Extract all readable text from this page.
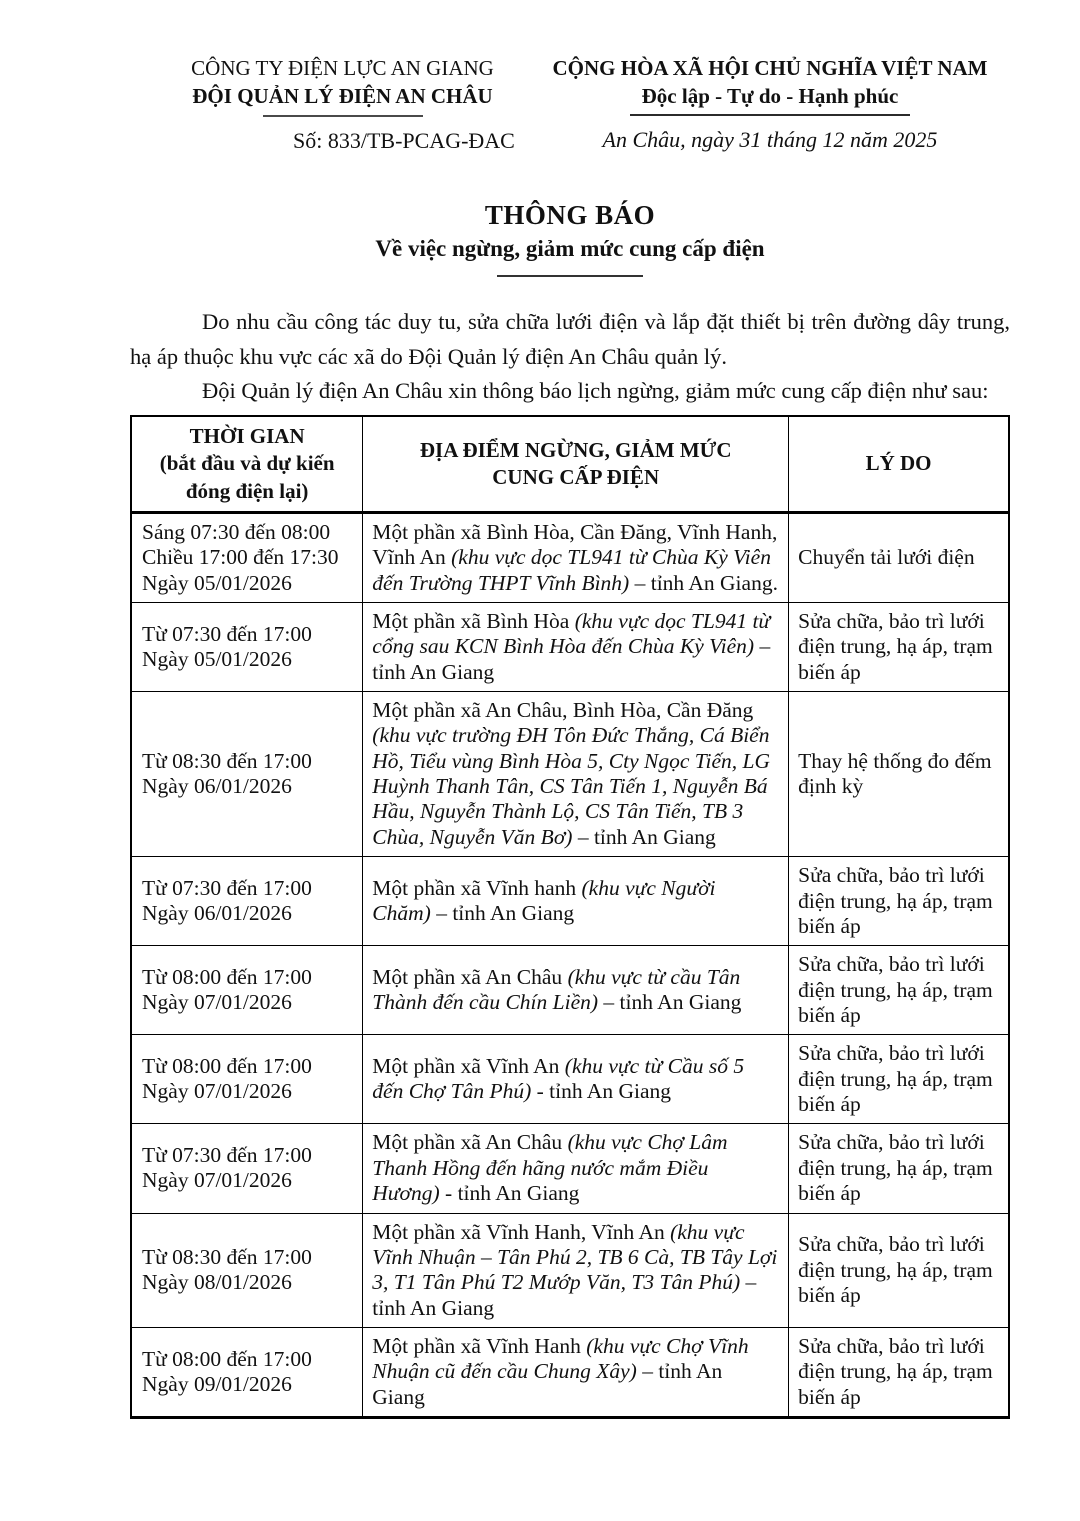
CÔNG TY ĐIỆN LỰC AN GIANG
ĐỘI QUẢN LÝ ĐIỆN AN CHÂU
Số: 833/TB-PCAG-ĐAC
CỘNG HÒA XÃ HỘI CHỦ NGHĨA VIỆT NAM
Độc lập - Tự do - Hạnh phúc
An Châu, ngày 31 tháng 12 năm 2025
THÔNG BÁO
Về việc ngừng, giảm mức cung cấp điện

Do nhu cầu công tác duy tu, sửa chữa lưới điện và lắp đặt thiết bị trên đường dây trung, hạ áp thuộc khu vực các xã do Đội Quản lý điện An Châu quản lý.

Đội Quản lý điện An Châu xin thông báo lịch ngừng, giảm mức cung cấp điện như sau:

THỜI GIAN
(bắt đầu và dự kiến
đóng điện lại)	ĐỊA ĐIỂM NGỪNG, GIẢM MỨC
CUNG CẤP ĐIỆN	LÝ DO

Sáng 07:30 đến 08:00
Chiều 17:00 đến 17:30
Ngày 05/01/2026	Một phần xã Bình Hòa, Cần Đăng, Vĩnh Hanh, Vĩnh An (khu vực dọc TL941 từ Chùa Kỳ Viên đến Trường THPT Vĩnh Bình) – tỉnh An Giang.	Chuyển tải lưới điện

Từ 07:30 đến 17:00
Ngày 05/01/2026	Một phần xã Bình Hòa (khu vực dọc TL941 từ cổng sau KCN Bình Hòa đến Chùa Kỳ Viên) – tỉnh An Giang	Sửa chữa, bảo trì lưới điện trung, hạ áp, trạm biến áp

Từ 08:30 đến 17:00
Ngày 06/01/2026	Một phần xã An Châu, Bình Hòa, Cần Đăng (khu vực trường ĐH Tôn Đức Thắng, Cá Biển Hồ, Tiểu vùng Bình Hòa 5, Cty Ngọc Tiến, LG Huỳnh Thanh Tân, CS Tân Tiến 1, Nguyễn Bá Hầu, Nguyễn Thành Lộ, CS Tân Tiến, TB 3 Chùa, Nguyễn Văn Bơ) – tỉnh An Giang	Thay hệ thống đo đếm định kỳ

Từ 07:30 đến 17:00
Ngày 06/01/2026	Một phần xã Vĩnh hanh (khu vực Người Chăm) – tỉnh An Giang	Sửa chữa, bảo trì lưới điện trung, hạ áp, trạm biến áp

Từ 08:00 đến 17:00
Ngày 07/01/2026	Một phần xã An Châu (khu vực từ cầu Tân Thành đến cầu Chín Liền) – tỉnh An Giang	Sửa chữa, bảo trì lưới điện trung, hạ áp, trạm biến áp

Từ 08:00 đến 17:00
Ngày 07/01/2026	Một phần xã Vĩnh An (khu vực từ Cầu số 5 đến Chợ Tân Phú) - tỉnh An Giang	Sửa chữa, bảo trì lưới điện trung, hạ áp, trạm biến áp

Từ 07:30 đến 17:00
Ngày 07/01/2026	Một phần xã An Châu (khu vực Chợ Lâm Thanh Hồng đến hãng nước mắm Điều Hương) - tỉnh An Giang	Sửa chữa, bảo trì lưới điện trung, hạ áp, trạm biến áp

Từ 08:30 đến 17:00
Ngày 08/01/2026	Một phần xã Vĩnh Hanh, Vĩnh An (khu vực Vĩnh Nhuận – Tân Phú 2, TB 6 Cà, TB Tây Lợi 3, T1 Tân Phú T2 Mướp Văn, T3 Tân Phú) – tỉnh An Giang	Sửa chữa, bảo trì lưới điện trung, hạ áp, trạm biến áp

Từ 08:00 đến 17:00
Ngày 09/01/2026	Một phần xã Vĩnh Hanh (khu vực Chợ Vĩnh Nhuận cũ đến cầu Chung Xây) – tỉnh An Giang	Sửa chữa, bảo trì lưới điện trung, hạ áp, trạm biến áp
